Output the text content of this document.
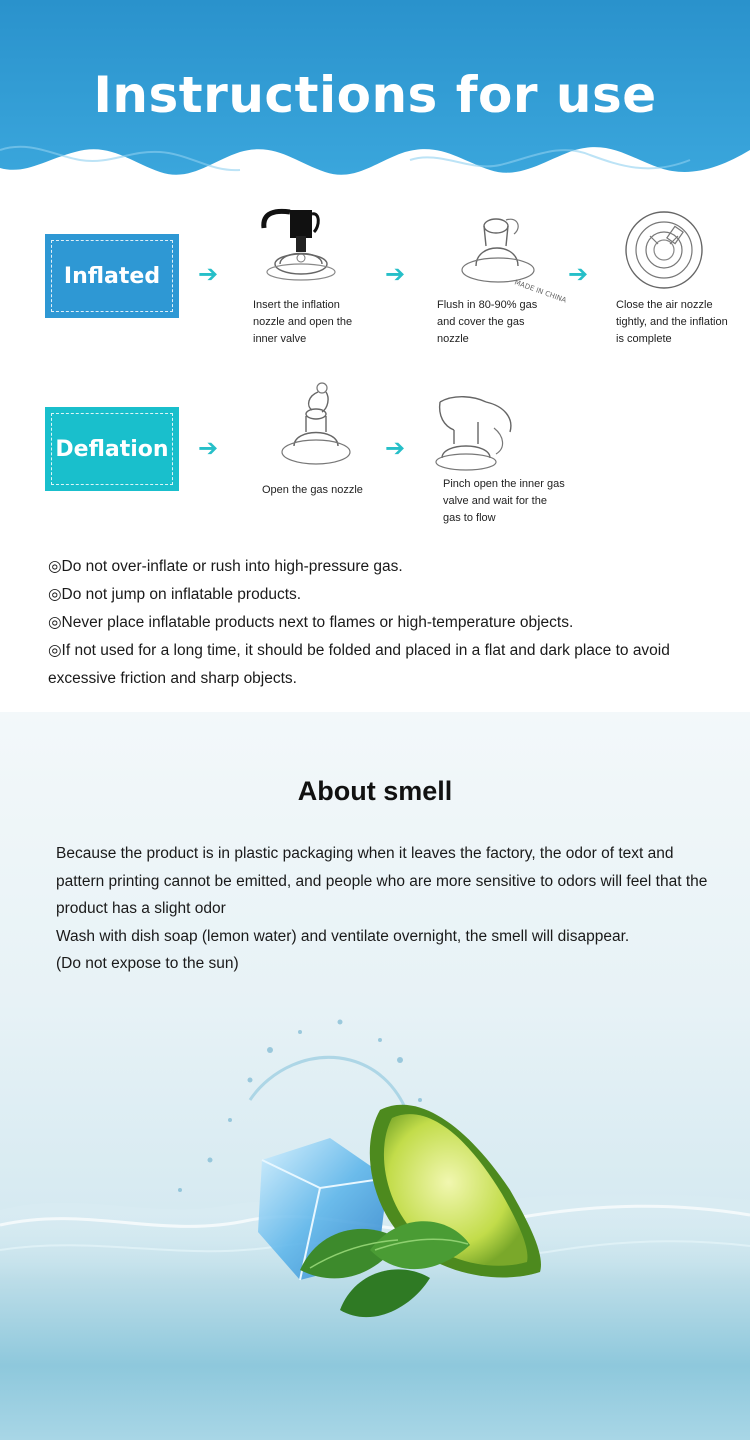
Instructions for use
Inflated ➔
Insert the inflation
nozzle and open the
inner valve
➔
MADE IN CHINA
Flush in 80-90% gas
and cover the gas
nozzle
➔
Close the air nozzle
tightly, and the inflation
is complete
Deflation ➔
Open the gas nozzle
➔
Pinch open the inner gas
valve and wait for the
gas to flow

◎Do not over-inflate or rush into high-pressure gas.

◎Do not jump on inflatable products.

◎Never place inflatable products next to flames or high-temperature objects.

◎If not used for a long time, it should be folded and placed in a flat and dark place to avoid excessive friction and sharp objects.

About smell

Because the product is in plastic packaging when it leaves the factory, the odor of text and pattern printing cannot be emitted, and people who are more sensitive to odors will feel that the product has a slight odor

Wash with dish soap (lemon water) and ventilate overnight, the smell will disappear.

(Do not expose to the sun)
